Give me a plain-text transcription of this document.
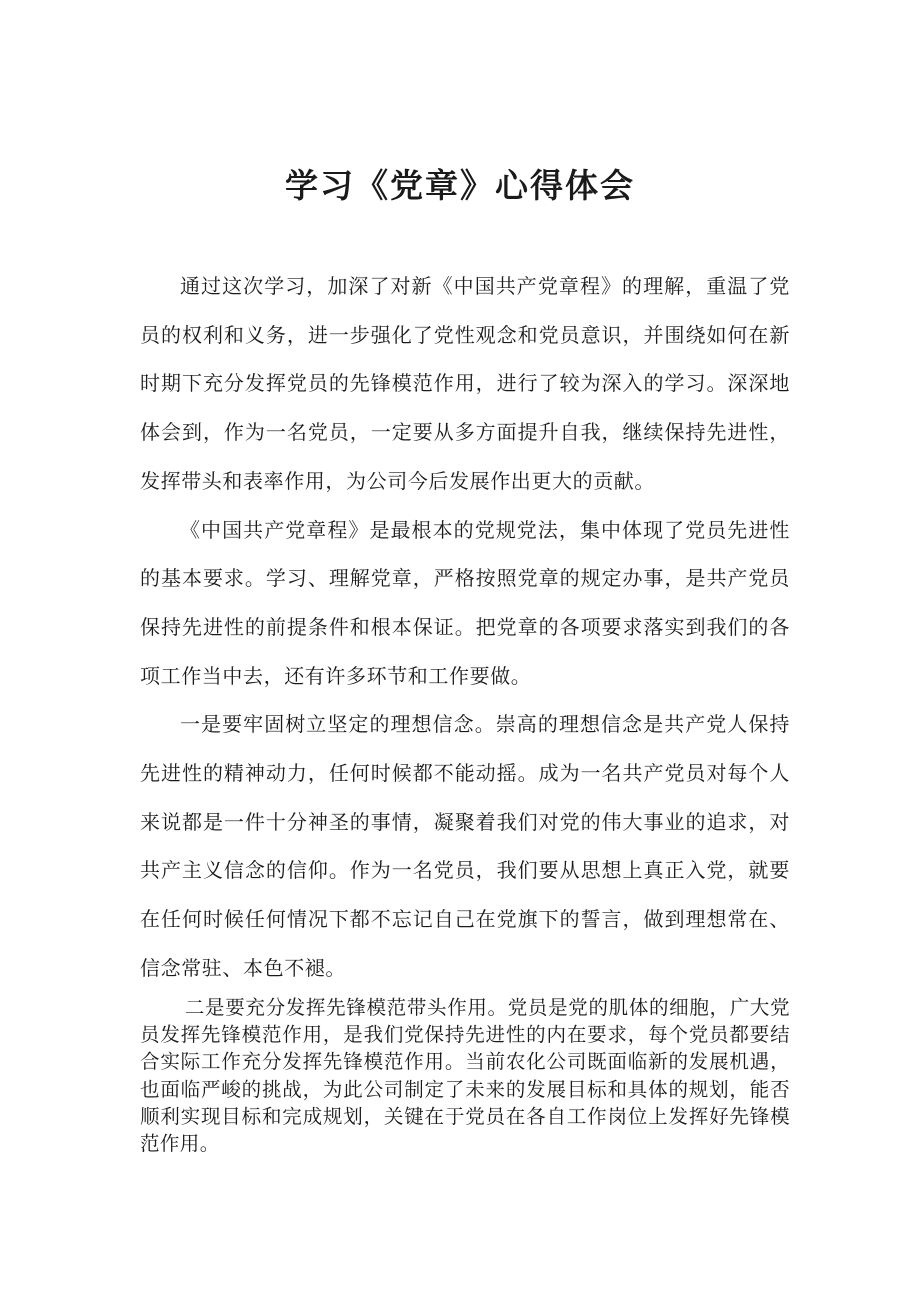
学习《党章》心得体会

通过这次学习，加深了对新《中国共产党章程》的理解，重温了党员的权利和义务，进一步强化了党性观念和党员意识，并围绕如何在新时期下充分发挥党员的先锋模范作用，进行了较为深入的学习。深深地体会到，作为一名党员，一定要从多方面提升自我，继续保持先进性，发挥带头和表率作用，为公司今后发展作出更大的贡献。

《中国共产党章程》是最根本的党规党法，集中体现了党员先进性的基本要求。学习、理解党章，严格按照党章的规定办事，是共产党员保持先进性的前提条件和根本保证。把党章的各项要求落实到我们的各项工作当中去，还有许多环节和工作要做。

一是要牢固树立坚定的理想信念。崇高的理想信念是共产党人保持先进性的精神动力，任何时候都不能动摇。成为一名共产党员对每个人来说都是一件十分神圣的事情，凝聚着我们对党的伟大事业的追求，对共产主义信念的信仰。作为一名党员，我们要从思想上真正入党，就要在任何时候任何情况下都不忘记自己在党旗下的誓言，做到理想常在、信念常驻、本色不褪。

二是要充分发挥先锋模范带头作用。党员是党的肌体的细胞，广大党员发挥先锋模范作用，是我们党保持先进性的内在要求，每个党员都要结合实际工作充分发挥先锋模范作用。当前农化公司既面临新的发展机遇，也面临严峻的挑战，为此公司制定了未来的发展目标和具体的规划，能否顺利实现目标和完成规划，关键在于党员在各自工作岗位上发挥好先锋模范作用。
